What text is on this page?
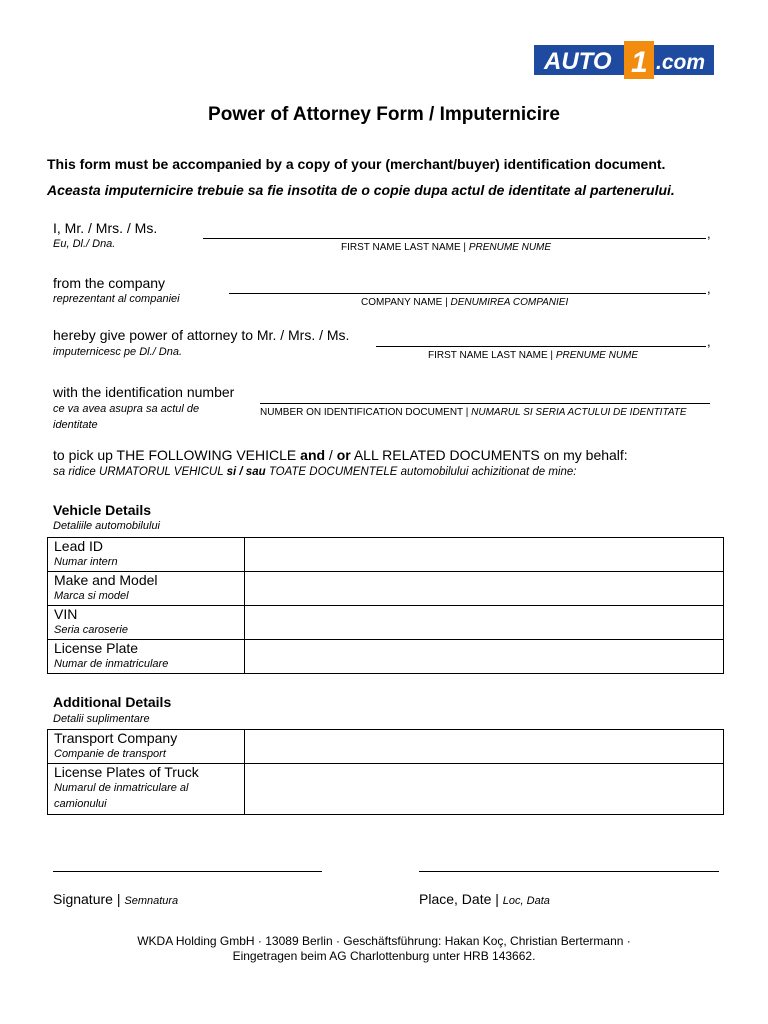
AUTO 1 .com
Power of Attorney Form / Imputernicire
This form must be accompanied by a copy of your (merchant/buyer) identification document.
Aceasta imputernicire trebuie sa fie insotita de o copie dupa actul de identitate al partenerului.
I, Mr. / Mrs. / Ms.
Eu, Dl./ Dna.
,
FIRST NAME LAST NAME | PRENUME NUME
from the company
reprezentant al companiei
,
COMPANY NAME | DENUMIREA COMPANIEI
hereby give power of attorney to Mr. / Mrs. / Ms.
imputernicesc pe Dl./ Dna.
,
FIRST NAME LAST NAME | PRENUME NUME
with the identification number
ce va avea asupra sa actul de
identitate
NUMBER ON IDENTIFICATION DOCUMENT | NUMARUL SI SERIA ACTULUI DE IDENTITATE
to pick up THE FOLLOWING VEHICLE and / or ALL RELATED DOCUMENTS on my behalf:
sa ridice URMATORUL VEHICUL si / sau TOATE DOCUMENTELE automobilului achizitionat de mine:
Vehicle Details
Detaliile automobilului
Lead ID
Numar intern	

Make and Model
Marca si model	

VIN
Seria caroserie	

License Plate
Numar de inmatriculare	

Additional Details
Detalii suplimentare
Transport Company
Companie de transport	

License Plates of Truck
Numarul de inmatriculare al camionului	

Signature | Semnatura	Place, Date | Loc, Data
WKDA Holding GmbH · 13089 Berlin · Geschäftsführung: Hakan Koç, Christian Bertermann ·
Eingetragen beim AG Charlottenburg unter HRB 143662.
